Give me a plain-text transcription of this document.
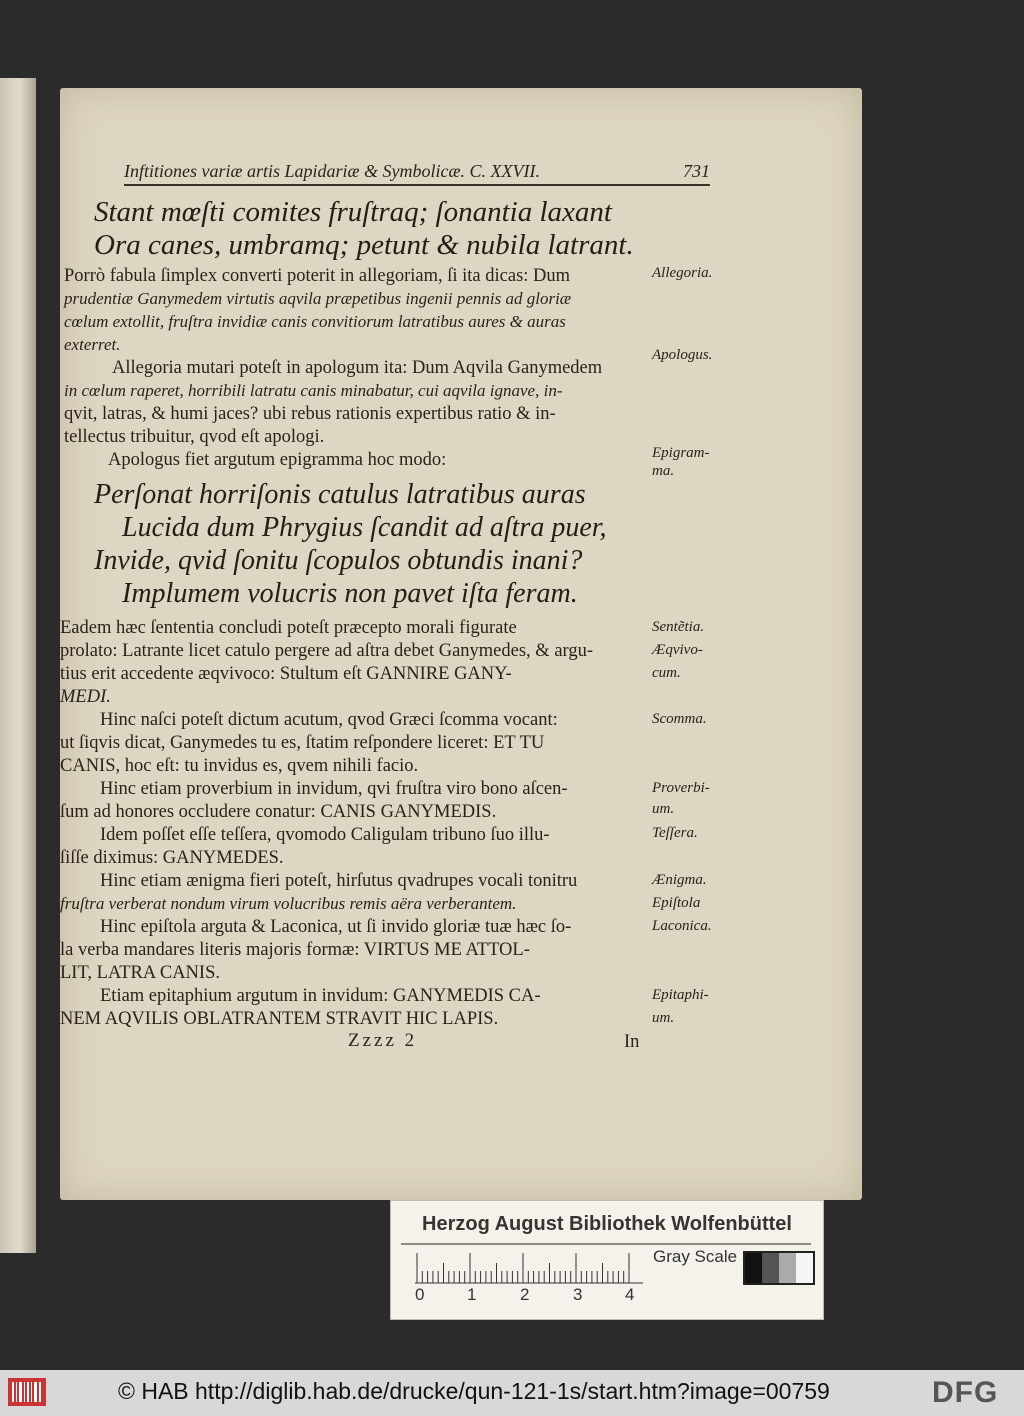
Inftitiones variæ artis Lapidariæ & Symbolicæ. C. XXVII.	731
Stant mœſti comites fruſtraq; ſonantia laxant
Ora canes, umbramq; petunt & nubila latrant.
Porrò fabula ſimplex converti poterit in allegoriam, ſi ita dicas: Dum
prudentiæ Ganymedem virtutis aqvila præpetibus ingenii pennis ad gloriæ
cœlum extollit, fruſtra invidiæ canis convitiorum latratibus aures & auras
exterret.
Allegoria mutari poteſt in apologum ita: Dum Aqvila Ganymedem
in cœlum raperet, horribili latratu canis minabatur, cui aqvila ignave, in-
qvit, latras, & humi jaces? ubi rebus rationis expertibus ratio & in-
tellectus tribuitur, qvod eſt apologi.
Apologus fiet argutum epigramma hoc modo:
Perſonat horriſonis catulus latratibus auras
Lucida dum Phrygius ſcandit ad aſtra puer,
Invide, qvid ſonitu ſcopulos obtundis inani?
Implumem volucris non pavet iſta feram.
Eadem hæc ſententia concludi poteſt præcepto morali figurate
prolato: Latrante licet catulo pergere ad aſtra debet Ganymedes, & argu-
tius erit accedente æqvivoco: Stultum eſt GANNIRE GANY-
MEDI.
Hinc naſci poteſt dictum acutum, qvod Græci ſcomma vocant:
ut ſiqvis dicat, Ganymedes tu es, ſtatim reſpondere liceret: ET TU
CANIS, hoc eſt: tu invidus es, qvem nihili facio.
Hinc etiam proverbium in invidum, qvi fruſtra viro bono aſcen-
ſum ad honores occludere conatur: CANIS GANYMEDIS.
Idem poſſet eſſe teſſera, qvomodo Caligulam tribuno ſuo illu-
ſiſſe diximus: GANYMEDES.
Hinc etiam ænigma fieri poteſt, hirſutus qvadrupes vocali tonitru
fruſtra verberat nondum virum volucribus remis aëra verberantem.
Hinc epiſtola arguta & Laconica, ut ſi invido gloriæ tuæ hæc ſo-
la verba mandares literis majoris formæ: VIRTUS ME ATTOL-
LIT, LATRA CANIS.
Etiam epitaphium argutum in invidum: GANYMEDIS CA-
NEM AQVILIS OBLATRANTEM STRAVIT HIC LAPIS.
Zzzz 2	In
Allegoria.
Apologus.
Epigram-
ma.
Sentẽtia.
Æqvivo-
cum.
Scomma.
Proverbi-
um.
Teſſera.
Ænigma.
Epiſtola
Laconica.
Epitaphi-
um.
Herzog August Bibliothek Wolfenbüttel
0	1	2	3	4
Gray Scale
© HAB http://diglib.hab.de/drucke/qun-121-1s/start.htm?image=00759	DFG
